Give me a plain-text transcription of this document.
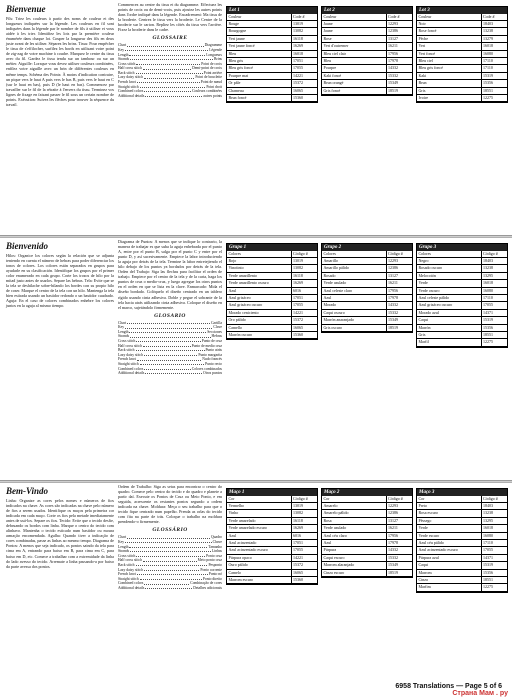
Bienvenue

Fils: Triez les couleurs à partir des noms de couleur et des longueurs indiquées sur la légende. Les couleurs en fil sont indiquées dans la légende par le nombre de fils à utiliser et vous aidée à les trier. Identifiez les lots par la première couleur énumérée dans chaque lot. Couper la longueur des fils en deux juste avant de les utiliser. Séparez les brins. Tissu: Pour empêcher le tissu de s'effilocher, surfilez les bords en utilisant votre point de zig-zag de votre machine à coudre. Marquez le centre du tissu avec du fil. Gardez le tissu tendu sur un tambour ou sur un métier. Aiguille: Lorsque vous devez utiliser couleurs combinées, enfilez votre aiguille avec un brin de différentes couleurs en même temps. Schéma des Points: À moins d'indication contraire, un pique vers le haut A puis vers le bas B, puis vers le haut en C (sur le haut en bas), puis D (le haut en bas). Commencez par travailler sur le fil de la rétraite à l'envers du tissu. Terminez vos lignes de fixage en faisant passer le fil sous un certain nombre de points. Exécution: Suivez les flèches pour trouver la séquence du travail.

Commencez au centre du tissu et du diagramme. Effectuez les points de croix ou de demi-croix, puis ajoutez les autres points dans l'ordre indiqué dans la légende. Encadrement: Ma tissu de la broderie. Centrez le tissu vers la broderie. Le Centre de la broderie sur le carton. Repliez les côtés du tissu vers l'arrière. Fixez la broderie dans le cadre.

GLOSSAIRE
Chart	Diagramme
Key	Légende
Length	Longueurs
Strands	Brins
Cross stitch	Point de croix
Half cross stitch	Demi-point de croix
Back stitch	Point arrière
Lazy daisy stitch	Point de bouclette
French knot	Point de nœud
Straight stitch	Point droit
Combined colors	Couleurs combinées
Additional details	autres points
Lot 1
Couleur	Code #
Rouge	13019
Bourgogne	13082
Vert jaune	16118
Vert jaune foncé	16269
Bleu	16018
Bleu gris	17051
Bleu gris foncé	17055
Pourpre mat	14221
Or pâle	15372
Chameau	16065
Brun foncé	15360
Lot 2
Couleur	Code #
Jaune	12293
Jaune	12386
Rose	13127
Vert d'outremer	16211
Bleu ciel clair	17956
Bleu	17978
Pourpre	14332
Kaki foncé	15332
Brun orangé	15349
Gris foncé	18519
Lot 3
Couleur	Code #
Noir	18403
Rose foncé	13238
Pêche	13279
Vert	16018
Vert foncé	16080
Bleu ciel	17110
Bleu gris foncé	17110
Kaki	15319
Brun	15356
Gris	18551
Ivoire	12275
Bienvenido

Hilos: Organice los colores según la relación que se adjunta teniendo en cuenta el número de hebras para poder diferenciar los tonos de colores. Los colores están separados en grupos para ayudarle en su clasificación. Identifique los grupos por el primer color enumerado en cada grupo. Corte los trozos de hilo por la mitad justo antes de usarlos. Separe las hebras. Tela: Evite que se la tela se deshilache sobre-hilando los bordes con su propio hilo de coser. Marque el centro de la tela con un hilo. Mantenga la tela bien estirada usando un bastidor redondo o un bastidor cuadrado. Aguja: En el caso de colores combinados enhebre los colores juntos en la aguja al mismo tiempo.

Diagrama de Puntos: A menos que se indique lo contrario, la manera de trabajar es que suba la aguja enhebrada por el punto A, entre por el punto B, salga por el punto C y entre por el punto D, y así sucesivamente. Empiece la labor introduciendo la aguja por detrás de la tela. Termine la labor entretejiendo el hilo debajo de los puntos ya bordados por detrás de la tela. Orden del Trabajo: Siga las flechas para facilitar el orden de trabajo. Empiece por el centro de la tela y de la carta, haga los puntos de cruz o medio-cruz, y luego agregue los otros puntos en el orden en que se lista en la clave. Enmarcado: Mida el diseño bordado. Colóquelo el diseño centrado en un tablero rígido usando cinta adhesiva. Doble y pegue el sobrante de la tela hacia atrás utilizando cinta adhesiva. Coloque el diseño en el marco, sujetándolo firmemente.

GLOSARIO
Chart	Cartilla
Key	Clave
Length	Secciones
Strands	Hebras
Cross stitch	Punto de cruz
Half cross stitch	Punto de medio cruz
Back stitch	Punto atrás
Lazy daisy stitch	Punto margarita
French knot	Nudo francés
Straight stitch	Punto recto
Combined colors	Colores combinados
Additional details	Otros puntos
Grupo 1
Colores	Código #
Rojo	13019
Vinotinto	13082
Verde amarillento	16118
Verde amarillento oscuro	16269
Azul	6016
Azul grisáceo	17051
Azul grisáceo oscuro	17055
Morado ceniciento	14221
Oro pálido	15372
Camello	16065
Marrón oscuro	15360
Grupo 2
Colores	Código #
Amarillo	12293
Amarillo pálido	12386
Rosado	13127
Verde azulado	16211
Azul celeste claro	17956
Azul	17978
Morado	14332
Caqui oscuro	15332
Marrón anaranjado	15349
Gris oscuro	18519
Grupo 3
Colores	Código #
Negro	18403
Rosado oscuro	13238
Melocotón	13295
Verde	16018
Verde oscuro	16080
Azul celeste pálido	17110
Azul grisáceo oscuro	17055
Morado azul	14371
Caqui	15319
Marrón	15356
Gris	18551
Marfil	12275
Bem-Vindo

Linha: Organize as cores pelos nomes e números de fios indicados na chave. As cores são indicadas na chave pelo número de fios a serem usados. Identifique os maços pela primeira cor indicada em cada maço. Corte os fios pela metade imediatamente antes de usá-los. Separe os fios. Tecido: Evite que o tecido desfie, debruando os bordos com linha. Marque o centro do tecido com alinhavo. Mantenha o tecido esticado num bastidor ou moura armação encomendada. Agulha: Quando tiver a indicação de cores combinadas, passe as linhas ao mesmo tempo. Diagrama de Pontos: A menos que seja indicado, os pontos saindo da tela para cima em A, entrando para baixo em B, para cima em C, para baixo em D, etc. Comece a trabalhar com a extremidade da linha do lado avesso do tecido. Arremate a linha passando-a por baixo da parte avessa dos pontos.

Ordem de Trabalho: Siga as setas para encontrar o centro do quadro. Comece pelo centro do tecido e do quadro e planeie a partir daí. Execute os Pontos de Cruz ou Meio Ponto, e em seguida, acrescente os restantes pontos segundo a ordem indicada na chave. Moldura: Meça o seu trabalho para que o tecido fique centrado num papelão. Prenda as orlas do tecido com fita na parte de trás. Coloque o trabalho na moldura prendendo-o firmemente.

GLOSSÁRIO
Chart	Quadro
Key	Chave
Length	Tamanho
Strands	Linhas
Cross stitch	Ponto cruz
Half cross stitch	Meio ponto cruz
Back stitch	Pesponto
Lazy daisy stitch	Ponto corrente
French knot	Ponto nó
Straight stitch	Ponto direito
Combined colors	Combinação de cores
Additional details	Detalhes adicionais
Maço 1
Cor	Código #
Vermelho	13019
Vinho	13082
Verde amarelado	16118
Verde amarelado escuro	16269
Azul	6016
Azul acinzentado	17051
Azul acinzentado escuro	17055
Púrpura opaco	14221
Ouro pálido	15372
Camelo	16065
Marrom escuro	15360
Maço 2
Cor	Código #
Amarelo	12293
Amarelo pálido	12386
Rosa	13127
Verde azulado	16211
Azul céu claro	17956
Azul	17978
Púrpura	14332
Caqui escuro	15332
Marrom alaranjado	15349
Cinza escuro	18519
Maço 3
Cor	Código #
Preto	18403
Rosa escuro	13238
Pêssego	13295
Verde	16018
Verde escuro	16080
Azul céu pálido	17110
Azul acinzentado escuro	17055
Púrpura azul	14371
Caqui	15319
Marrom	15356
Cinza	18551
Marfim	12275
6958 Translations — Page 5 of 6
Страна Мам . ру
